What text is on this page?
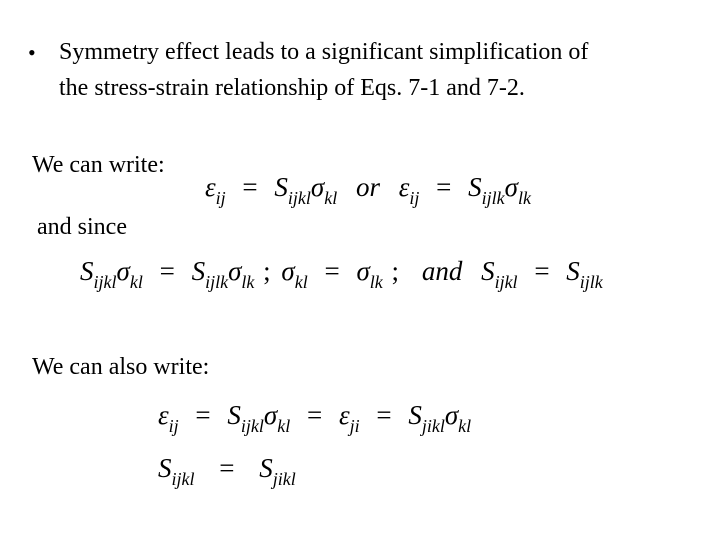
• Symmetry effect leads to a significant simplification of
the stress-strain relationship of Eqs. 7-1 and 7-2.
We can write:
$\varepsilon_{ij} = S_{ijkl}\sigma_{kl}$ or $\varepsilon_{ij} = S_{ijlk}\sigma_{lk}$
and since
$S_{ijkl}\sigma_{kl} = S_{ijlk}\sigma_{lk}$ ; $\sigma_{kl} = \sigma_{lk}$ ; and $S_{ijkl} = S_{ijlk}$
We can also write:
$\varepsilon_{ij} = S_{ijkl}\sigma_{kl} = \varepsilon_{ji} = S_{jikl}\sigma_{kl}$
$S_{ijkl} = S_{jikl}$
